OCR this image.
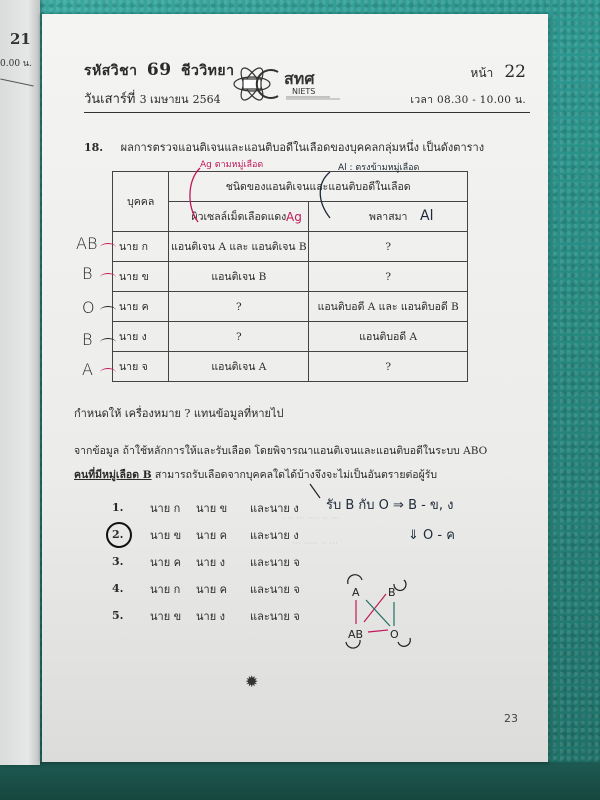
21
0.00 น.	รหัสวิชา 69 ชีววิทยา
วันเสาร์ที่ 3 เมษายน 2564
สทศ
NIETS
หน้า 22
เวลา 08.30 - 10.00 น.
18. ผลการตรวจแอนติเจนและแอนติบอดีในเลือดของบุคคลกลุ่มหนึ่ง เป็นดังตาราง
· ·· ··· ···· ·· ···
··· ····· ·· ···
บุคคล	ชนิดของแอนติเจนและแอนติบอดีในเลือด	
	ผิวเซลล์เม็ดเลือดแดง	พลาสมา
นาย ก	แอนติเจน A และ แอนติเจน B	?
นาย ข	แอนติเจน B	?
นาย ค	?	แอนติบอดี A และ แอนติบอดี B
นาย ง	?	แอนติบอดี A
นาย จ	แอนติเจน A	?
Ag ตามหมู่เลือด	Al : ตรงข้ามหมู่เลือด
Ag	Al
AB
B
O
B
A
กำหนดให้ เครื่องหมาย ? แทนข้อมูลที่หายไป
จากข้อมูล ถ้าใช้หลักการให้และรับเลือด โดยพิจารณาแอนติเจนและแอนติบอดีในระบบ ABO
คนที่มีหมู่เลือด B สามารถรับเลือดจากบุคคลใดได้บ้างจึงจะไม่เป็นอันตรายต่อผู้รับ
1.	นาย ก	นาย ข	และนาย ง
2.	นาย ข	นาย ค	และนาย ง
3.	นาย ค	นาย ง	และนาย จ
4.	นาย ก	นาย ค	และนาย จ
5.	นาย ข	นาย ง	และนาย จ
รับ B กับ O ⇒ B - ข, ง
⇓ O - ค
A	B
AB O
✹
23
